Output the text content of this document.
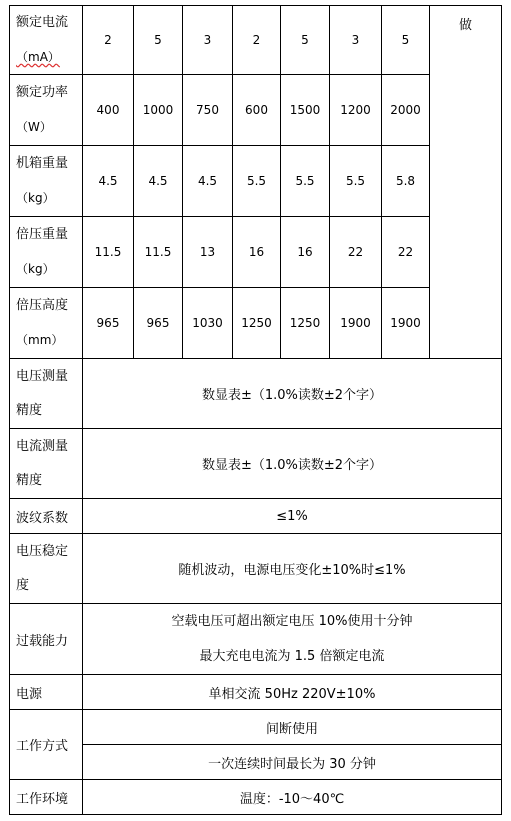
额定电流
（mA）	2	5	3	2	5	3	5	做

额定功率
（W）	400	1000	750	600	1500	1200	2000	

机箱重量
（kg）	4.5	4.5	4.5	5.5	5.5	5.5	5.8	

倍压重量
（kg）	11.5	11.5	13	16	16	22	22	

倍压高度
（mm）	965	965	1030	1250	1250	1900	1900	

电压测量
精度	数显表±（1.0%读数±2个字）							

电流测量
精度	数显表±（1.0%读数±2个字）							
波纹系数	≤1%							

电压稳定
度	随机波动，电源电压变化±10%时≤1%							
过载能力	空载电压可超出额定电压 10%使用十分钟
最大充电电流为 1.5 倍额定电流							

电源	单相交流 50Hz 220V±10%							
工作方式	间断使用							
	一次连续时间最长为 30 分钟							
工作环境	温度：-10～40℃							
